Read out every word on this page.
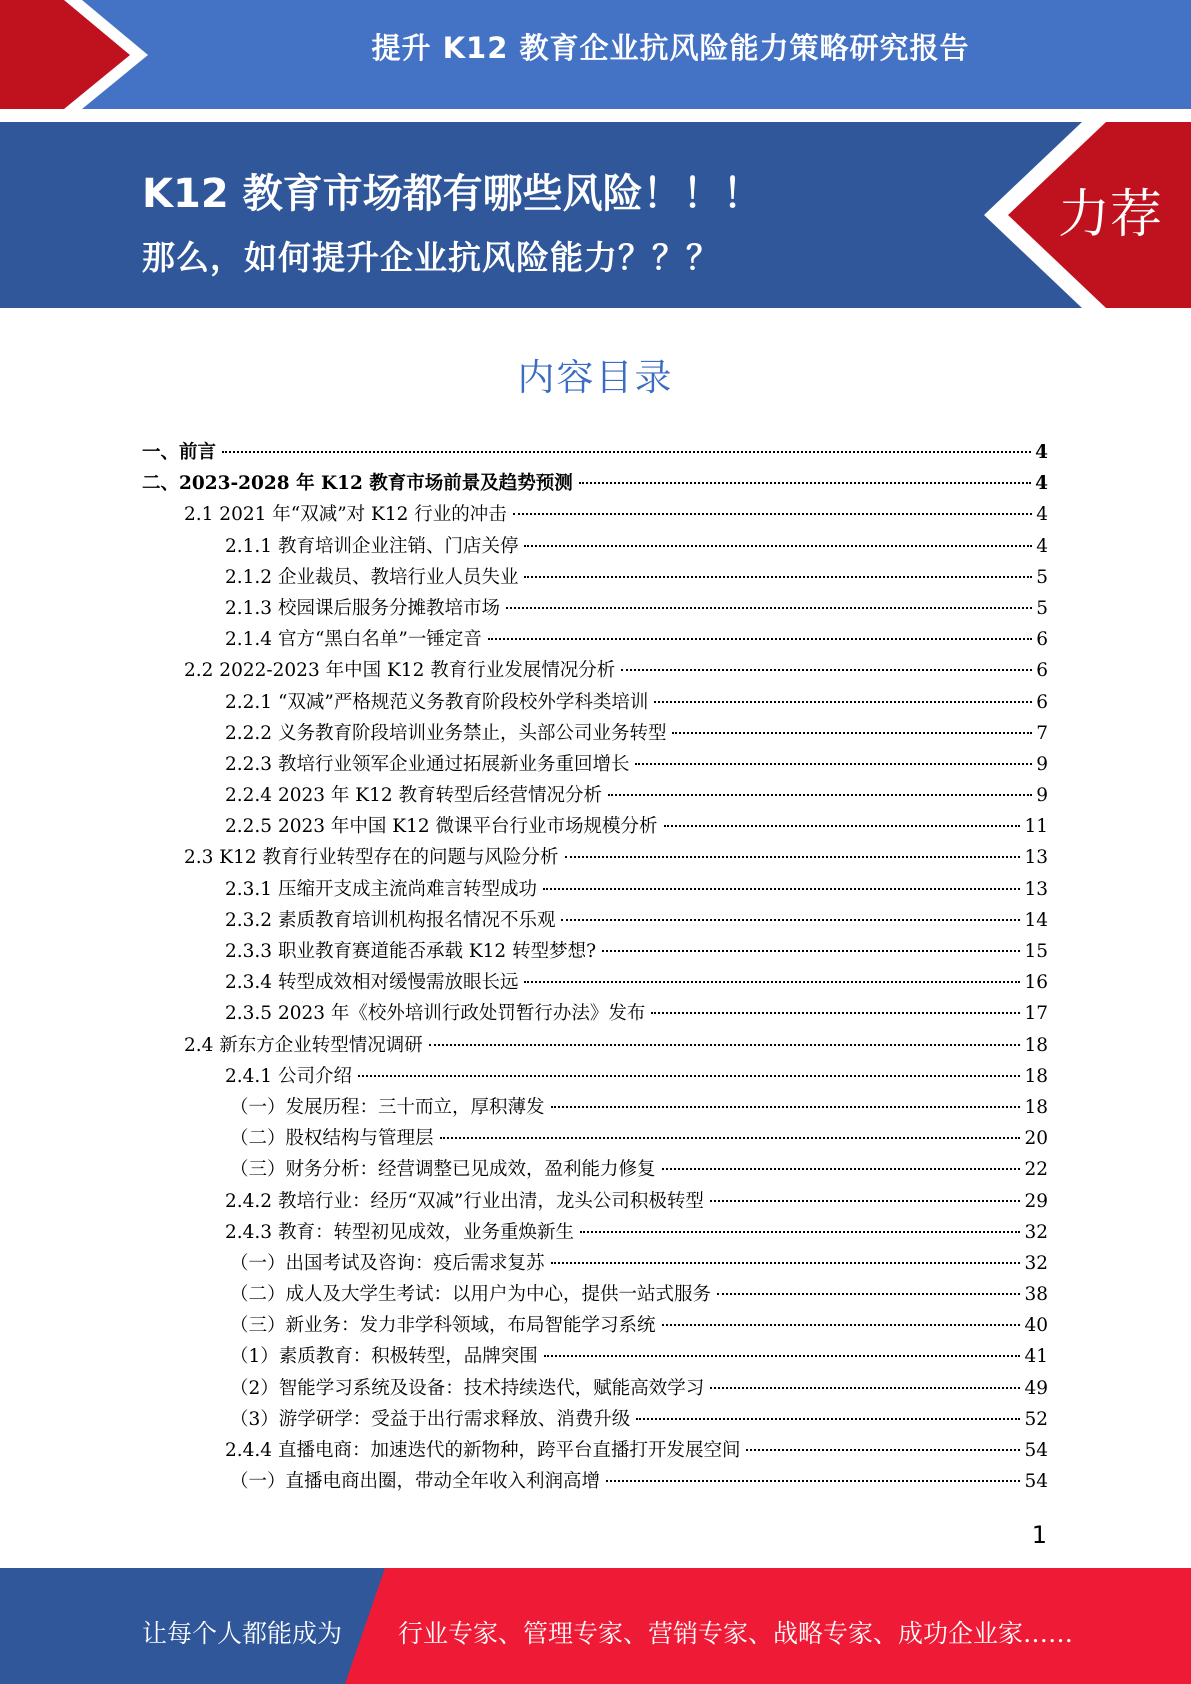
提升 K12 教育企业抗风险能力策略研究报告
K12 教育市场都有哪些风险！！！
那么，如何提升企业抗风险能力？？？
力荐
内容目录
一、前言	4
二、2023-2028 年 K12 教育市场前景及趋势预测	4
2.1 2021 年“双减”对 K12 行业的冲击	4
2.1.1 教育培训企业注销、门店关停	4
2.1.2 企业裁员、教培行业人员失业	5
2.1.3 校园课后服务分摊教培市场	5
2.1.4 官方“黑白名单”一锤定音	6
2.2 2022-2023 年中国 K12 教育行业发展情况分析	6
2.2.1 “双减”严格规范义务教育阶段校外学科类培训	6
2.2.2 义务教育阶段培训业务禁止，头部公司业务转型	7
2.2.3 教培行业领军企业通过拓展新业务重回增长	9
2.2.4 2023 年 K12 教育转型后经营情况分析	9
2.2.5 2023 年中国 K12 微课平台行业市场规模分析	11
2.3 K12 教育行业转型存在的问题与风险分析	13
2.3.1 压缩开支成主流尚难言转型成功	13
2.3.2 素质教育培训机构报名情况不乐观	14
2.3.3 职业教育赛道能否承载 K12 转型梦想?	15
2.3.4 转型成效相对缓慢需放眼长远	16
2.3.5 2023 年《校外培训行政处罚暂行办法》发布	17
2.4 新东方企业转型情况调研	18
2.4.1 公司介绍	18
（一）发展历程：三十而立，厚积薄发	18
（二）股权结构与管理层	20
（三）财务分析：经营调整已见成效，盈利能力修复	22
2.4.2 教培行业：经历“双减”行业出清，龙头公司积极转型	29
2.4.3 教育：转型初见成效，业务重焕新生	32
（一）出国考试及咨询：疫后需求复苏	32
（二）成人及大学生考试：以用户为中心，提供一站式服务	38
（三）新业务：发力非学科领域，布局智能学习系统	40
（1）素质教育：积极转型，品牌突围	41
（2）智能学习系统及设备：技术持续迭代，赋能高效学习	49
（3）游学研学：受益于出行需求释放、消费升级	52
2.4.4 直播电商：加速迭代的新物种，跨平台直播打开发展空间	54
（一）直播电商出圈，带动全年收入利润高增	54
1
让每个人都能成为 行业专家、管理专家、营销专家、战略专家、成功企业家……
